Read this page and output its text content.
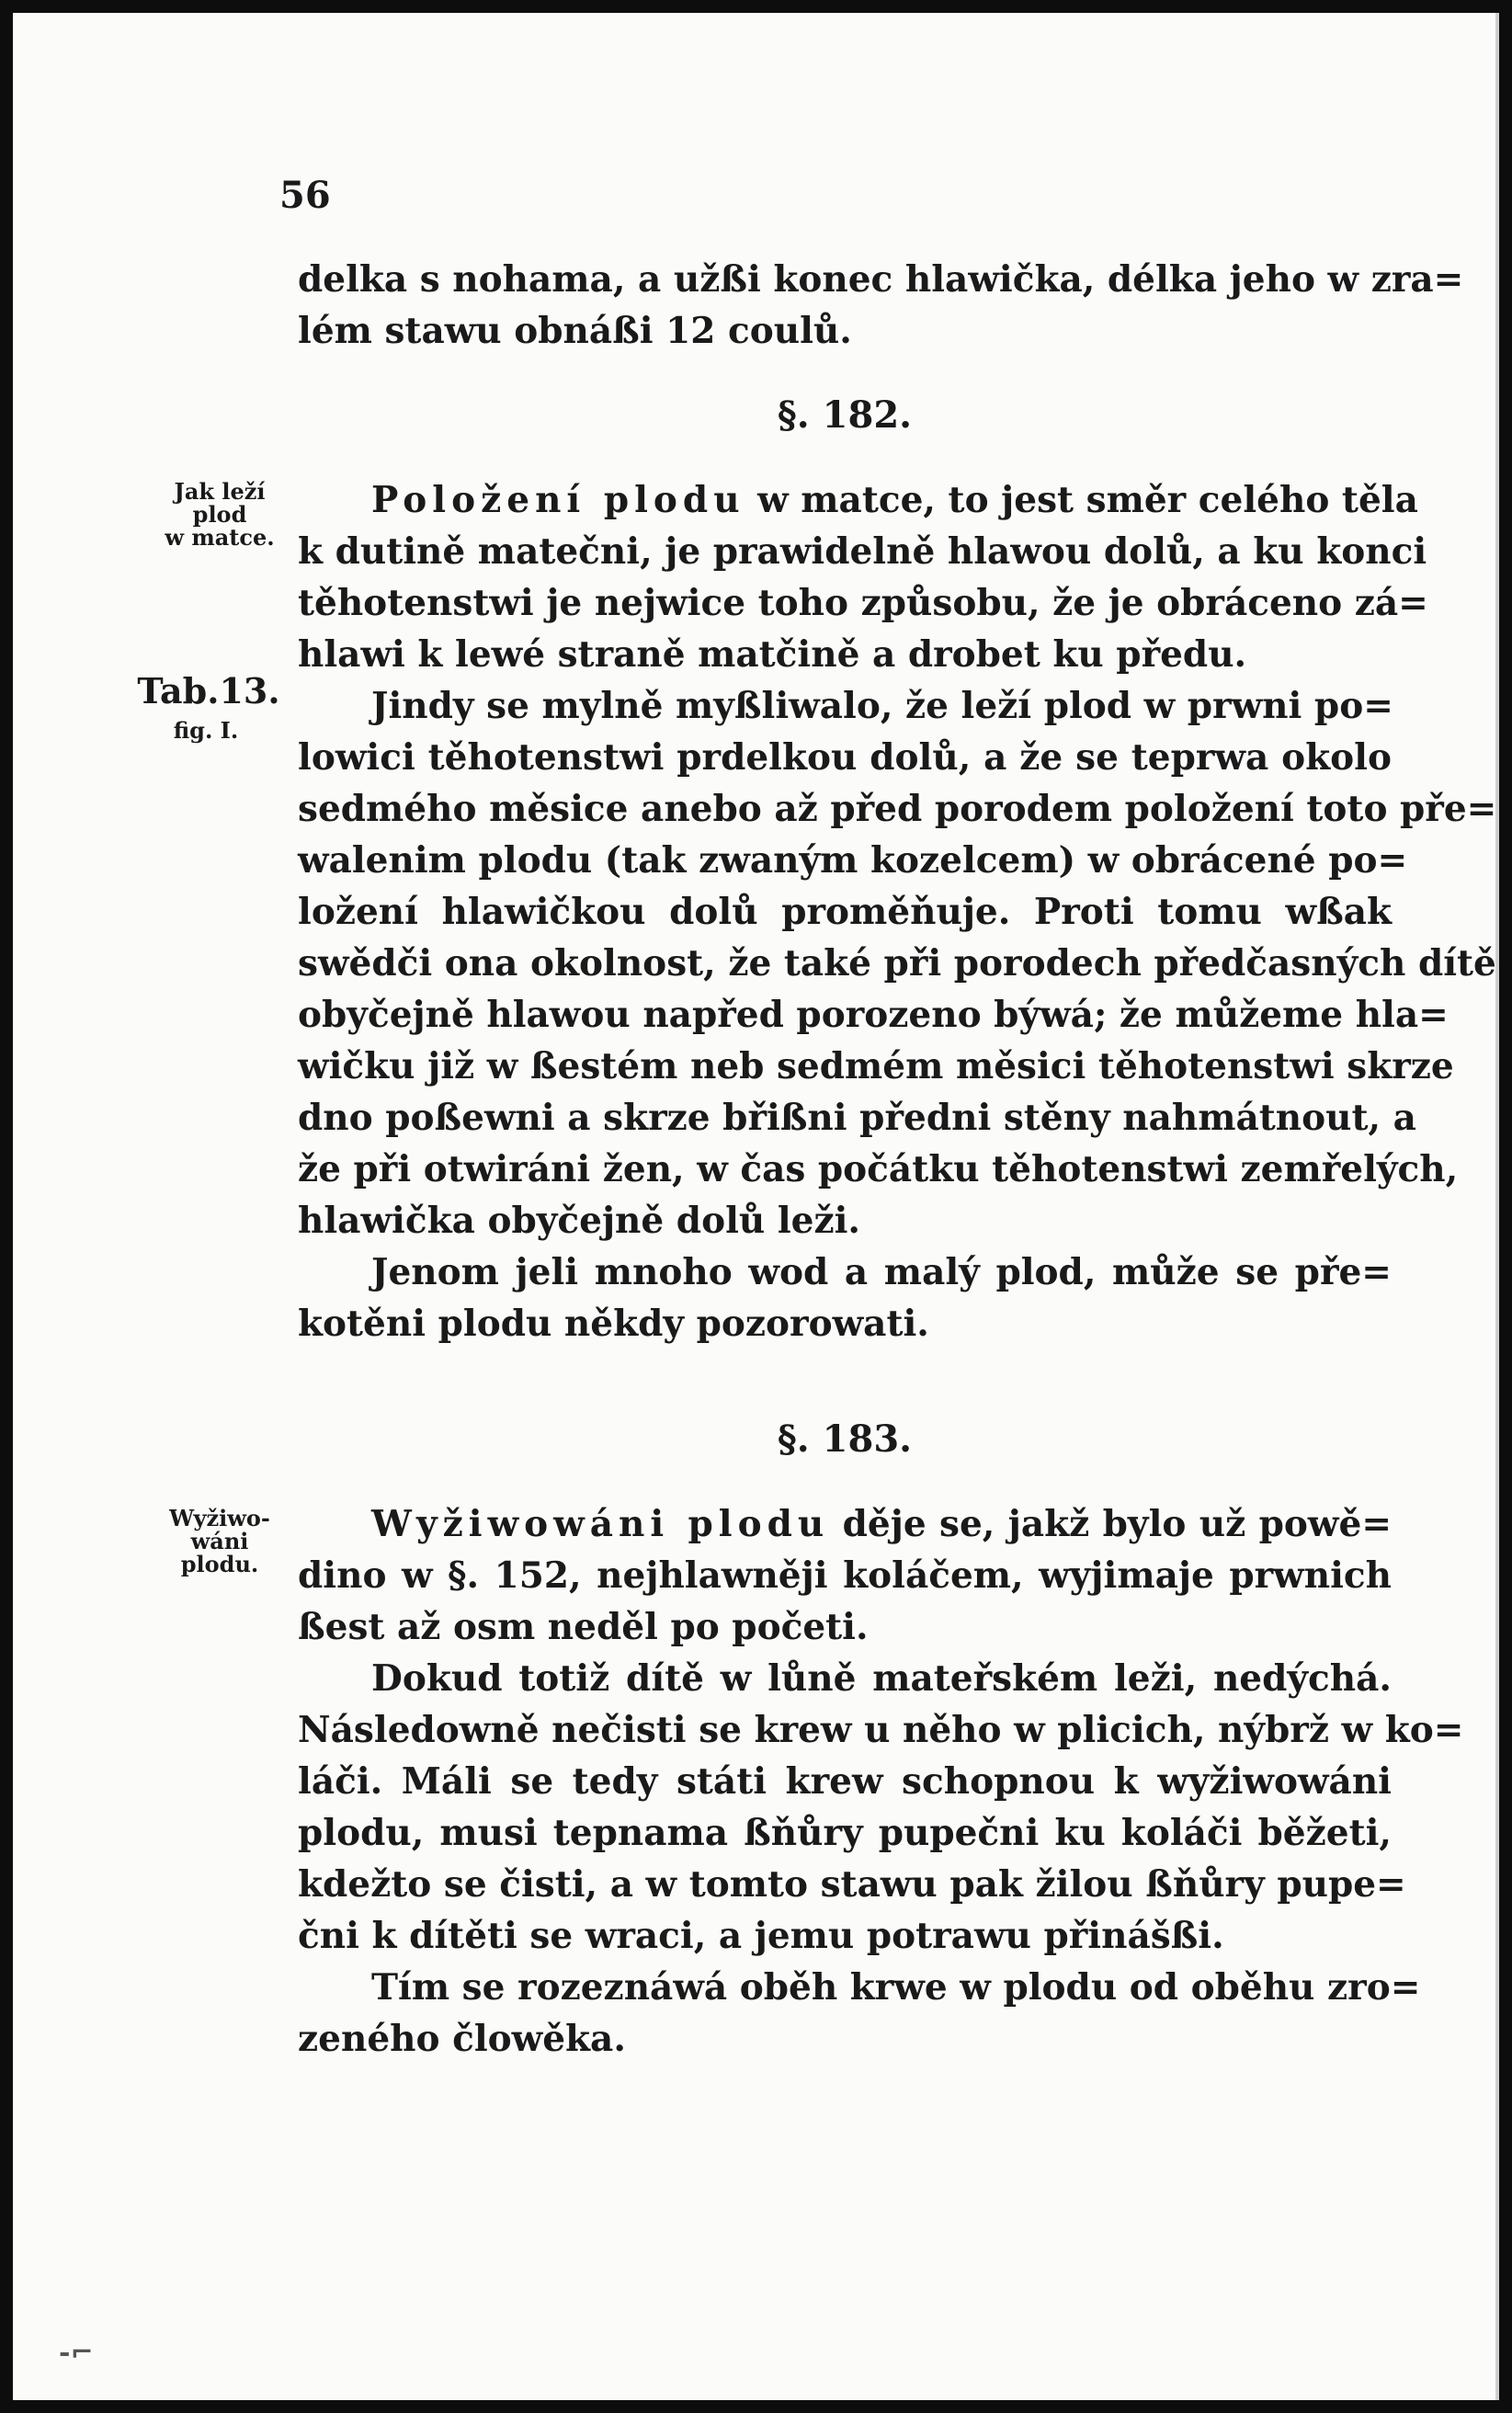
56
Jak leží
plod
w matce.
Tab.13.
fig. I.
Wyžiwo-
wáni
plodu.
delka s nohama, a užßi konec hlawička, délka jeho w zra=
lém stawu obnáßi 12 coulů.
§. 182.
Položení plodu w matce, to jest směr celého těla
k dutině matečni, je prawidelně hlawou dolů, a ku konci
těhotenstwi je nejwice toho způsobu, že je obráceno zá=
hlawi k lewé straně matčině a drobet ku předu.
Jindy se mylně myßliwalo, že leží plod w prwni po=
lowici těhotenstwi prdelkou dolů, a že se teprwa okolo
sedmého měsice anebo až před porodem položení toto pře=
walenim plodu (tak zwaným kozelcem) w obrácené po=
ložení hlawičkou dolů proměňuje. Proti tomu wßak
swědči ona okolnost, že také při porodech předčasných dítě
obyčejně hlawou napřed porozeno býwá; že můžeme hla=
wičku již w ßestém neb sedmém měsici těhotenstwi skrze
dno poßewni a skrze břißni předni stěny nahmátnout, a
že při otwiráni žen, w čas počátku těhotenstwi zemřelých,
hlawička obyčejně dolů leži.
Jenom jeli mnoho wod a malý plod, může se pře=
kotěni plodu někdy pozorowati.
§. 183.
Wyžiwowáni plodu děje se, jakž bylo už powě=
dino w §. 152, nejhlawněji koláčem, wyjimaje prwnich
ßest až osm neděl po početi.
Dokud totiž dítě w lůně mateřském leži, nedýchá.
Následowně nečisti se krew u něho w plicich, nýbrž w ko=
láči. Máli se tedy státi krew schopnou k wyžiwowáni
plodu, musi tepnama ßňůry pupečni ku koláči běžeti,
kdežto se čisti, a w tomto stawu pak žilou ßňůry pupe=
čni k dítěti se wraci, a jemu potrawu přinášßi.
Tím se rozeznáwá oběh krwe w plodu od oběhu zro=
zeného člowěka.
-⌐
